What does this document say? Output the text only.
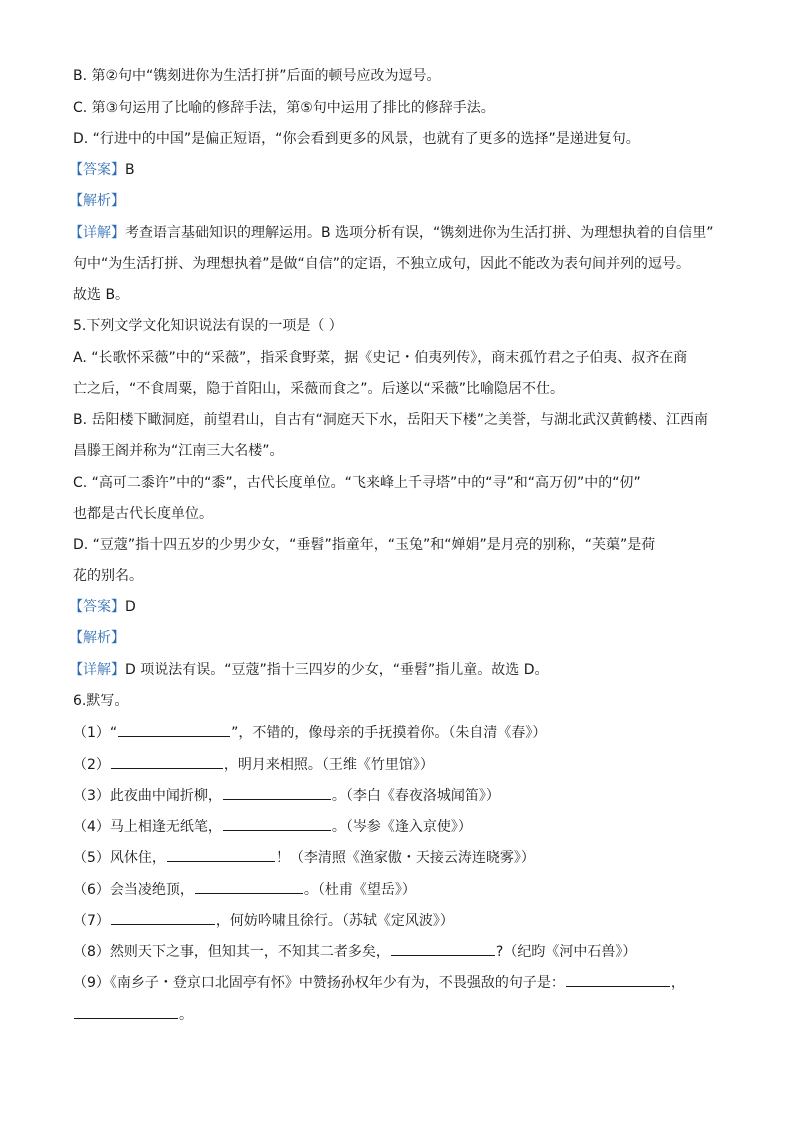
B. 第②句中“镌刻进你为生活打拼”后面的顿号应改为逗号。
C. 第③句运用了比喻的修辞手法，第⑤句中运用了排比的修辞手法。
D. “行进中的中国”是偏正短语，“你会看到更多的风景，也就有了更多的选择”是递进复句。
【答案】B
【解析】
【详解】考查语言基础知识的理解运用。B 选项分析有误，“镌刻进你为生活打拼、为理想执着的自信里”
句中“为生活打拼、为理想执着”是做“自信”的定语，不独立成句，因此不能改为表句间并列的逗号。
故选 B。
5.下列文学文化知识说法有误的一项是（ ）
A. “长歌怀采薇”中的“采薇”，指采食野菜，据《史记・伯夷列传》，商末孤竹君之子伯夷、叔齐在商
亡之后，“不食周粟，隐于首阳山，采薇而食之”。后遂以“采薇”比喻隐居不仕。
B. 岳阳楼下瞰洞庭，前望君山，自古有“洞庭天下水，岳阳天下楼”之美誉，与湖北武汉黄鹤楼、江西南
昌滕王阁并称为“江南三大名楼”。
C. “高可二黍许”中的“黍”，古代长度单位。“飞来峰上千寻塔”中的“寻”和“高万仞”中的“仞”
也都是古代长度单位。
D. “豆蔻”指十四五岁的少男少女，“垂髫”指童年，“玉兔”和“婵娟”是月亮的别称，“芙蕖”是荷
花的别名。
【答案】D
【解析】
【详解】D 项说法有误。“豆蔻”指十三四岁的少女，“垂髫”指儿童。故选 D。
6.默写。
（1）“	”，不错的，像母亲的手抚摸着你。（朱自清《春》）
（2）	，明月来相照。（王维《竹里馆》）
（3）此夜曲中闻折柳，	。（李白《春夜洛城闻笛》）
（4）马上相逢无纸笔，	。（岑参《逢入京使》）
（5）风休住，	！（李清照《渔家傲・天接云涛连晓雾》）
（6）会当凌绝顶，	。（杜甫《望岳》）
（7）	，何妨吟啸且徐行。（苏轼《定风波》）
（8）然则天下之事，但知其一，不知其二者多矣，	?（纪昀《河中石兽》）
（9）《南乡子・登京口北固亭有怀》中赞扬孙权年少有为，不畏强敌的句子是：	，
。
